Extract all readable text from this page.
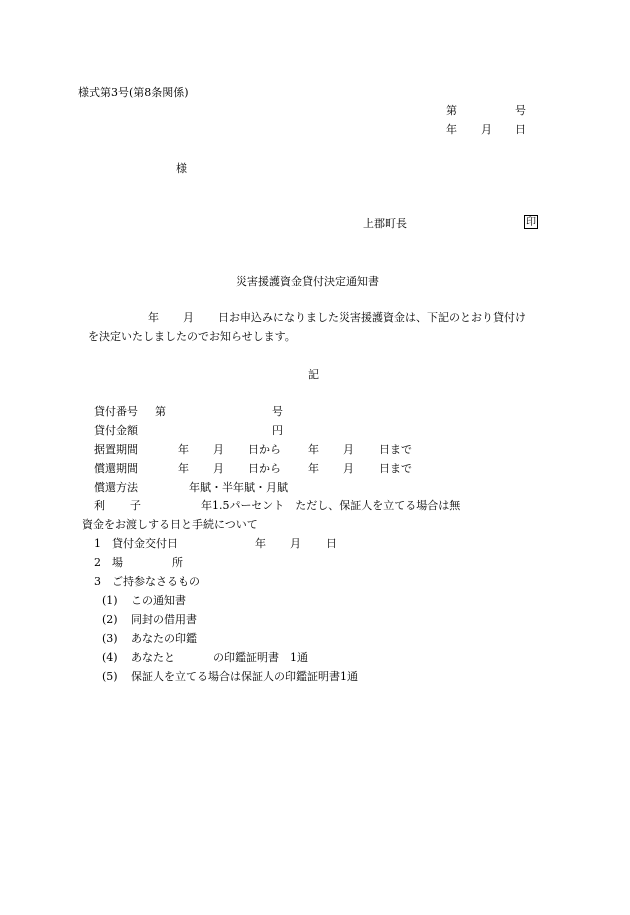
様式第3号(第8条関係)
第	号
年 月 日
様
上郡町長	印
災害援護資金貸付決定通知書
年 月 日お申込みになりました災害援護資金は、下記のとおり貸付け
を決定いたしましたのでお知らせします。
記
貸付番号 第	号
貸付金額	円
据置期間	年 月 日から 年 月 日まで
償還期間	年 月 日から 年 月 日まで
償還方法	年賦・半年賦・月賦
利 子	年1.5パーセント　ただし、保証人を立てる場合は無
資金をお渡しする日と手続について
1 貸付金交付日	年 月 日
2 場	所
3 ご持参なさるもの
(1) この通知書
(2) 同封の借用書
(3) あなたの印鑑
(4) あなたと	の印鑑証明書　1通
(5) 保証人を立てる場合は保証人の印鑑証明書1通
